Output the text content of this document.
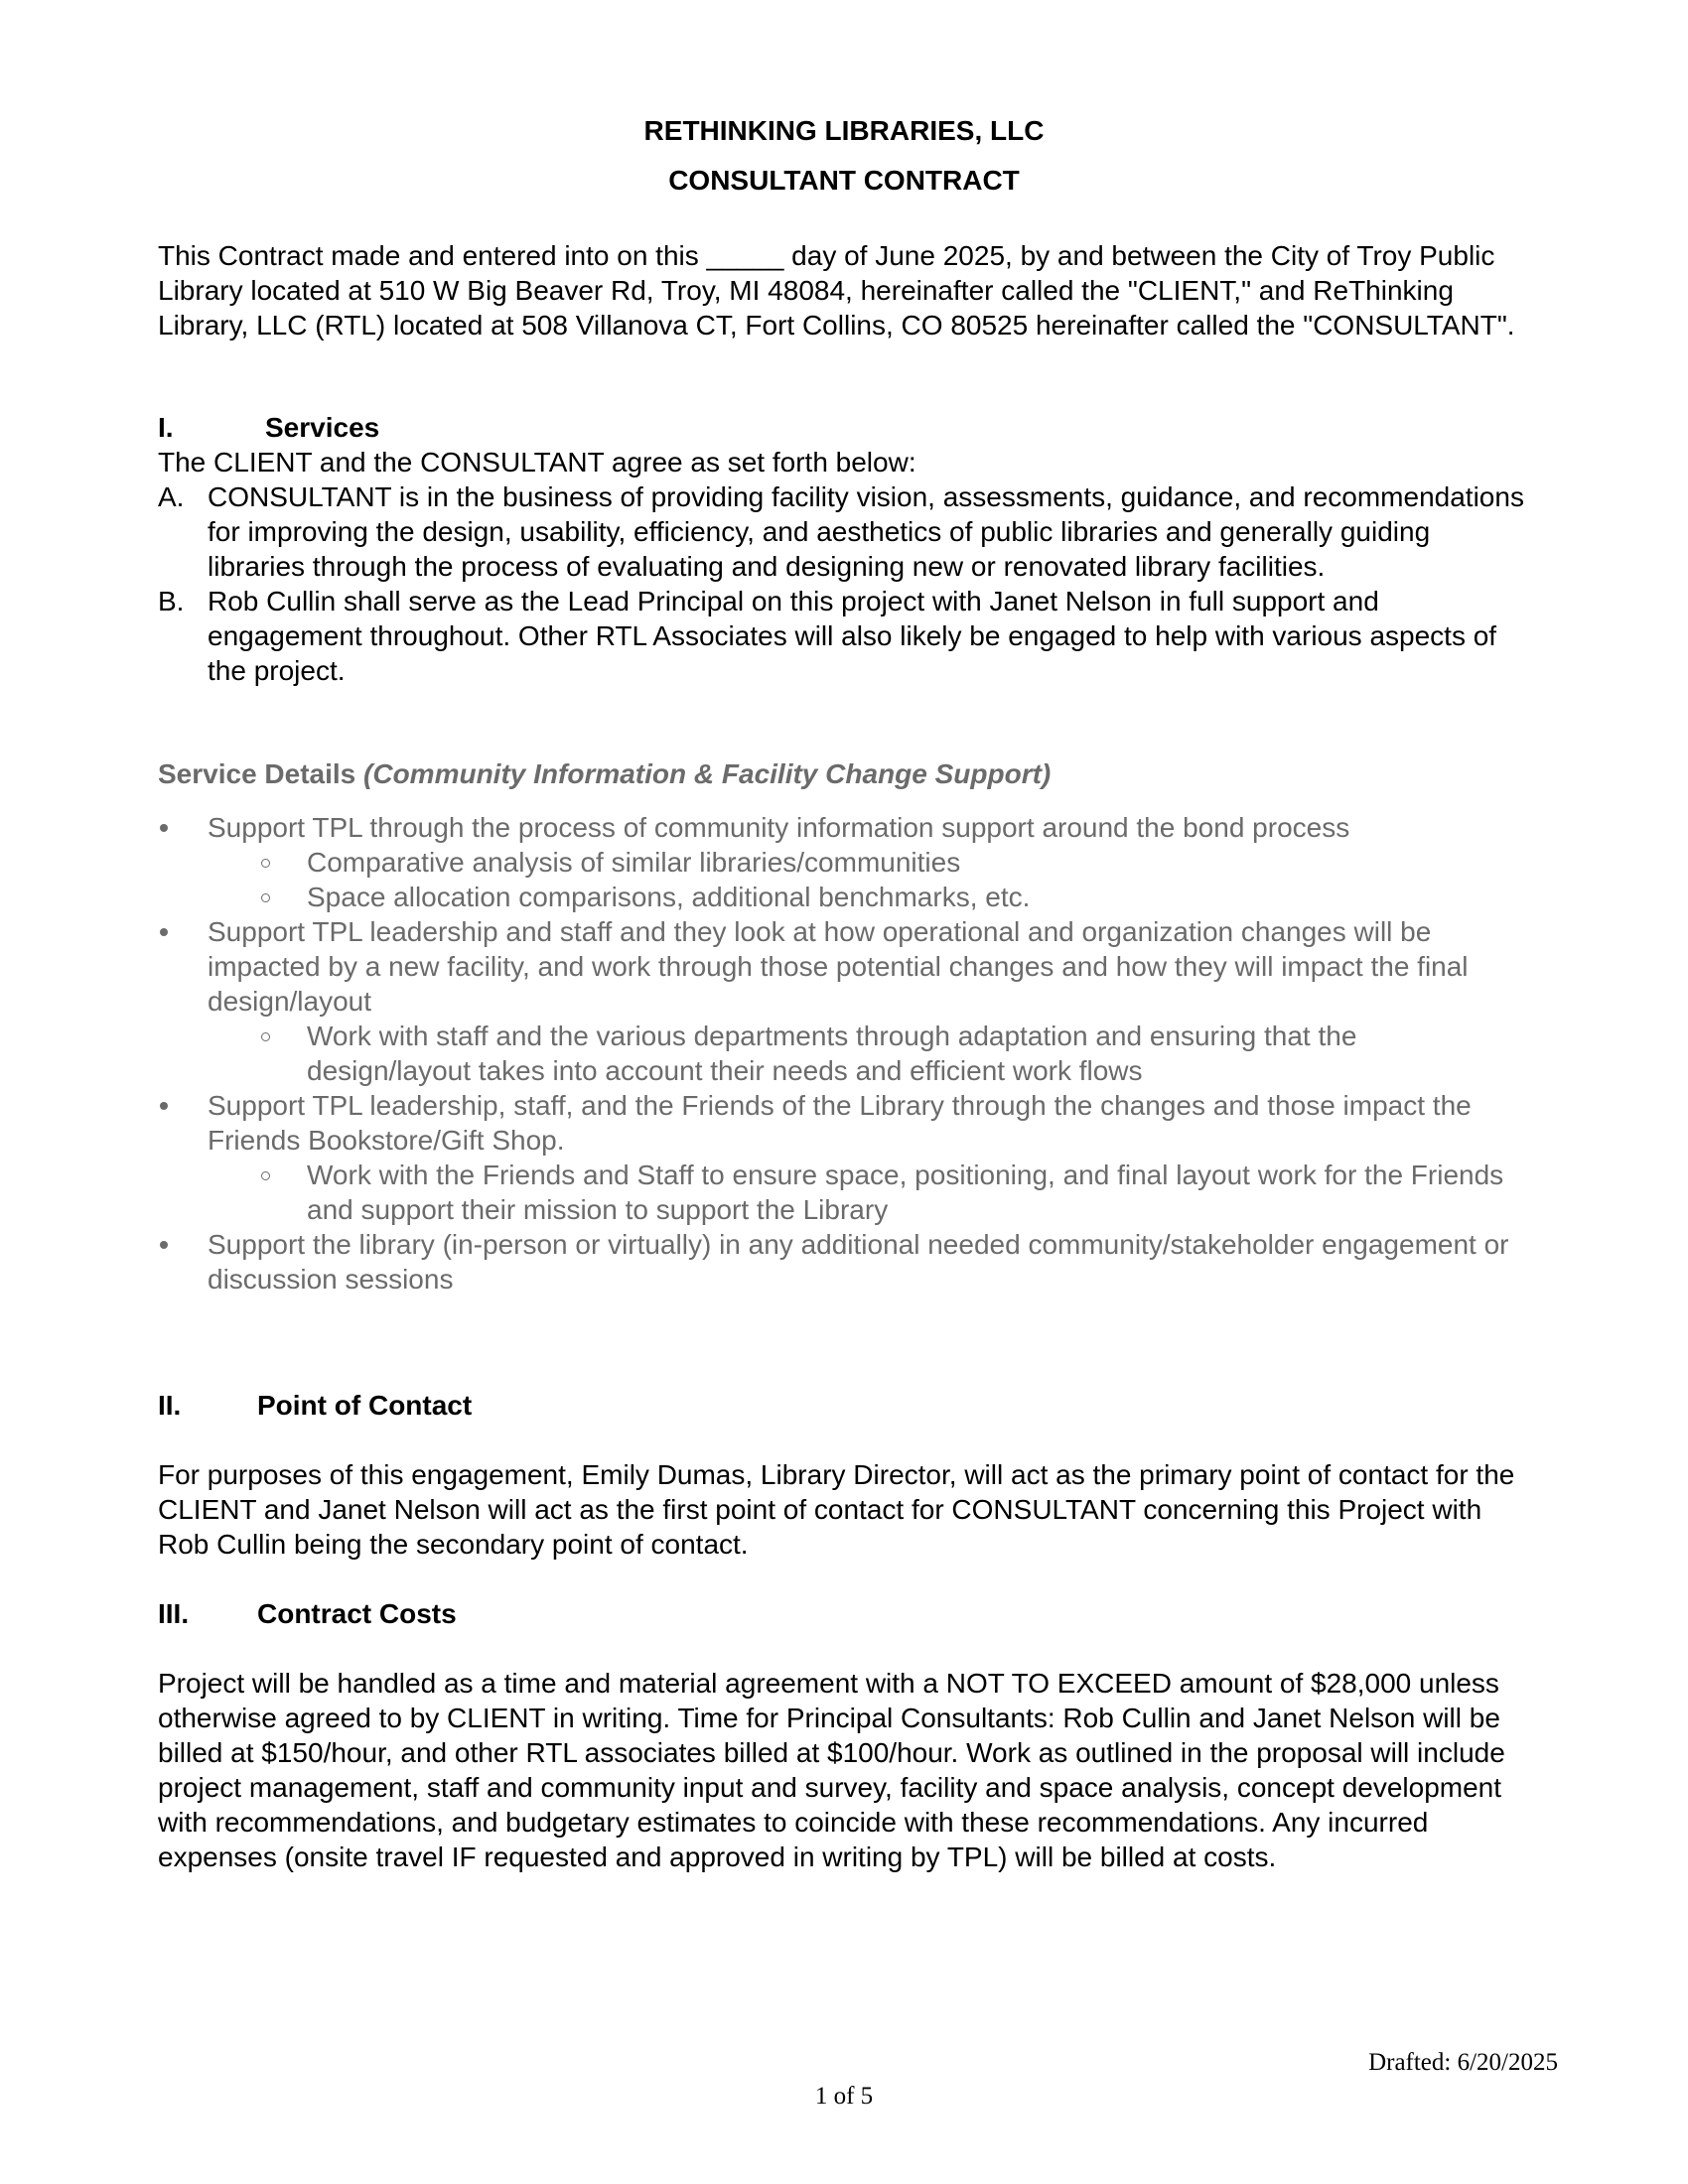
RETHINKING LIBRARIES, LLC
CONSULTANT CONTRACT

This Contract made and entered into on this _____ day of June 2025, by and between the City of Troy Public Library located at 510 W Big Beaver Rd, Troy, MI 48084, hereinafter called the "CLIENT," and ReThinking Library, LLC (RTL) located at 508 Villanova CT, Fort Collins, CO 80525 hereinafter called the "CONSULTANT".

I.	Services

The CLIENT and the CONSULTANT agree as set forth below:

A. CONSULTANT is in the business of providing facility vision, assessments, guidance, and recommendations for improving the design, usability, efficiency, and aesthetics of public libraries and generally guiding libraries through the process of evaluating and designing new or renovated library facilities.
B. Rob Cullin shall serve as the Lead Principal on this project with Janet Nelson in full support and engagement throughout. Other RTL Associates will also likely be engaged to help with various aspects of the project.
Service Details (Community Information & Facility Change Support)
Support TPL through the process of community information support around the bond process
Comparative analysis of similar libraries/communities
Space allocation comparisons, additional benchmarks, etc.
Support TPL leadership and staff and they look at how operational and organization changes will be impacted by a new facility, and work through those potential changes and how they will impact the final design/layout
Work with staff and the various departments through adaptation and ensuring that the design/layout takes into account their needs and efficient work flows
Support TPL leadership, staff, and the Friends of the Library through the changes and those impact the Friends Bookstore/Gift Shop.
Work with the Friends and Staff to ensure space, positioning, and final layout work for the Friends and support their mission to support the Library
Support the library (in-person or virtually) in any additional needed community/stakeholder engagement or discussion sessions
II.	Point of Contact

For purposes of this engagement, Emily Dumas, Library Director, will act as the primary point of contact for the CLIENT and Janet Nelson will act as the first point of contact for CONSULTANT concerning this Project with Rob Cullin being the secondary point of contact.

III. Contract Costs

Project will be handled as a time and material agreement with a NOT TO EXCEED amount of $28,000 unless otherwise agreed to by CLIENT in writing. Time for Principal Consultants: Rob Cullin and Janet Nelson will be billed at $150/hour, and other RTL associates billed at $100/hour. Work as outlined in the proposal will include project management, staff and community input and survey, facility and space analysis, concept development with recommendations, and budgetary estimates to coincide with these recommendations. Any incurred expenses (onsite travel IF requested and approved in writing by TPL) will be billed at costs.

Drafted: 6/20/2025
1 of 5
